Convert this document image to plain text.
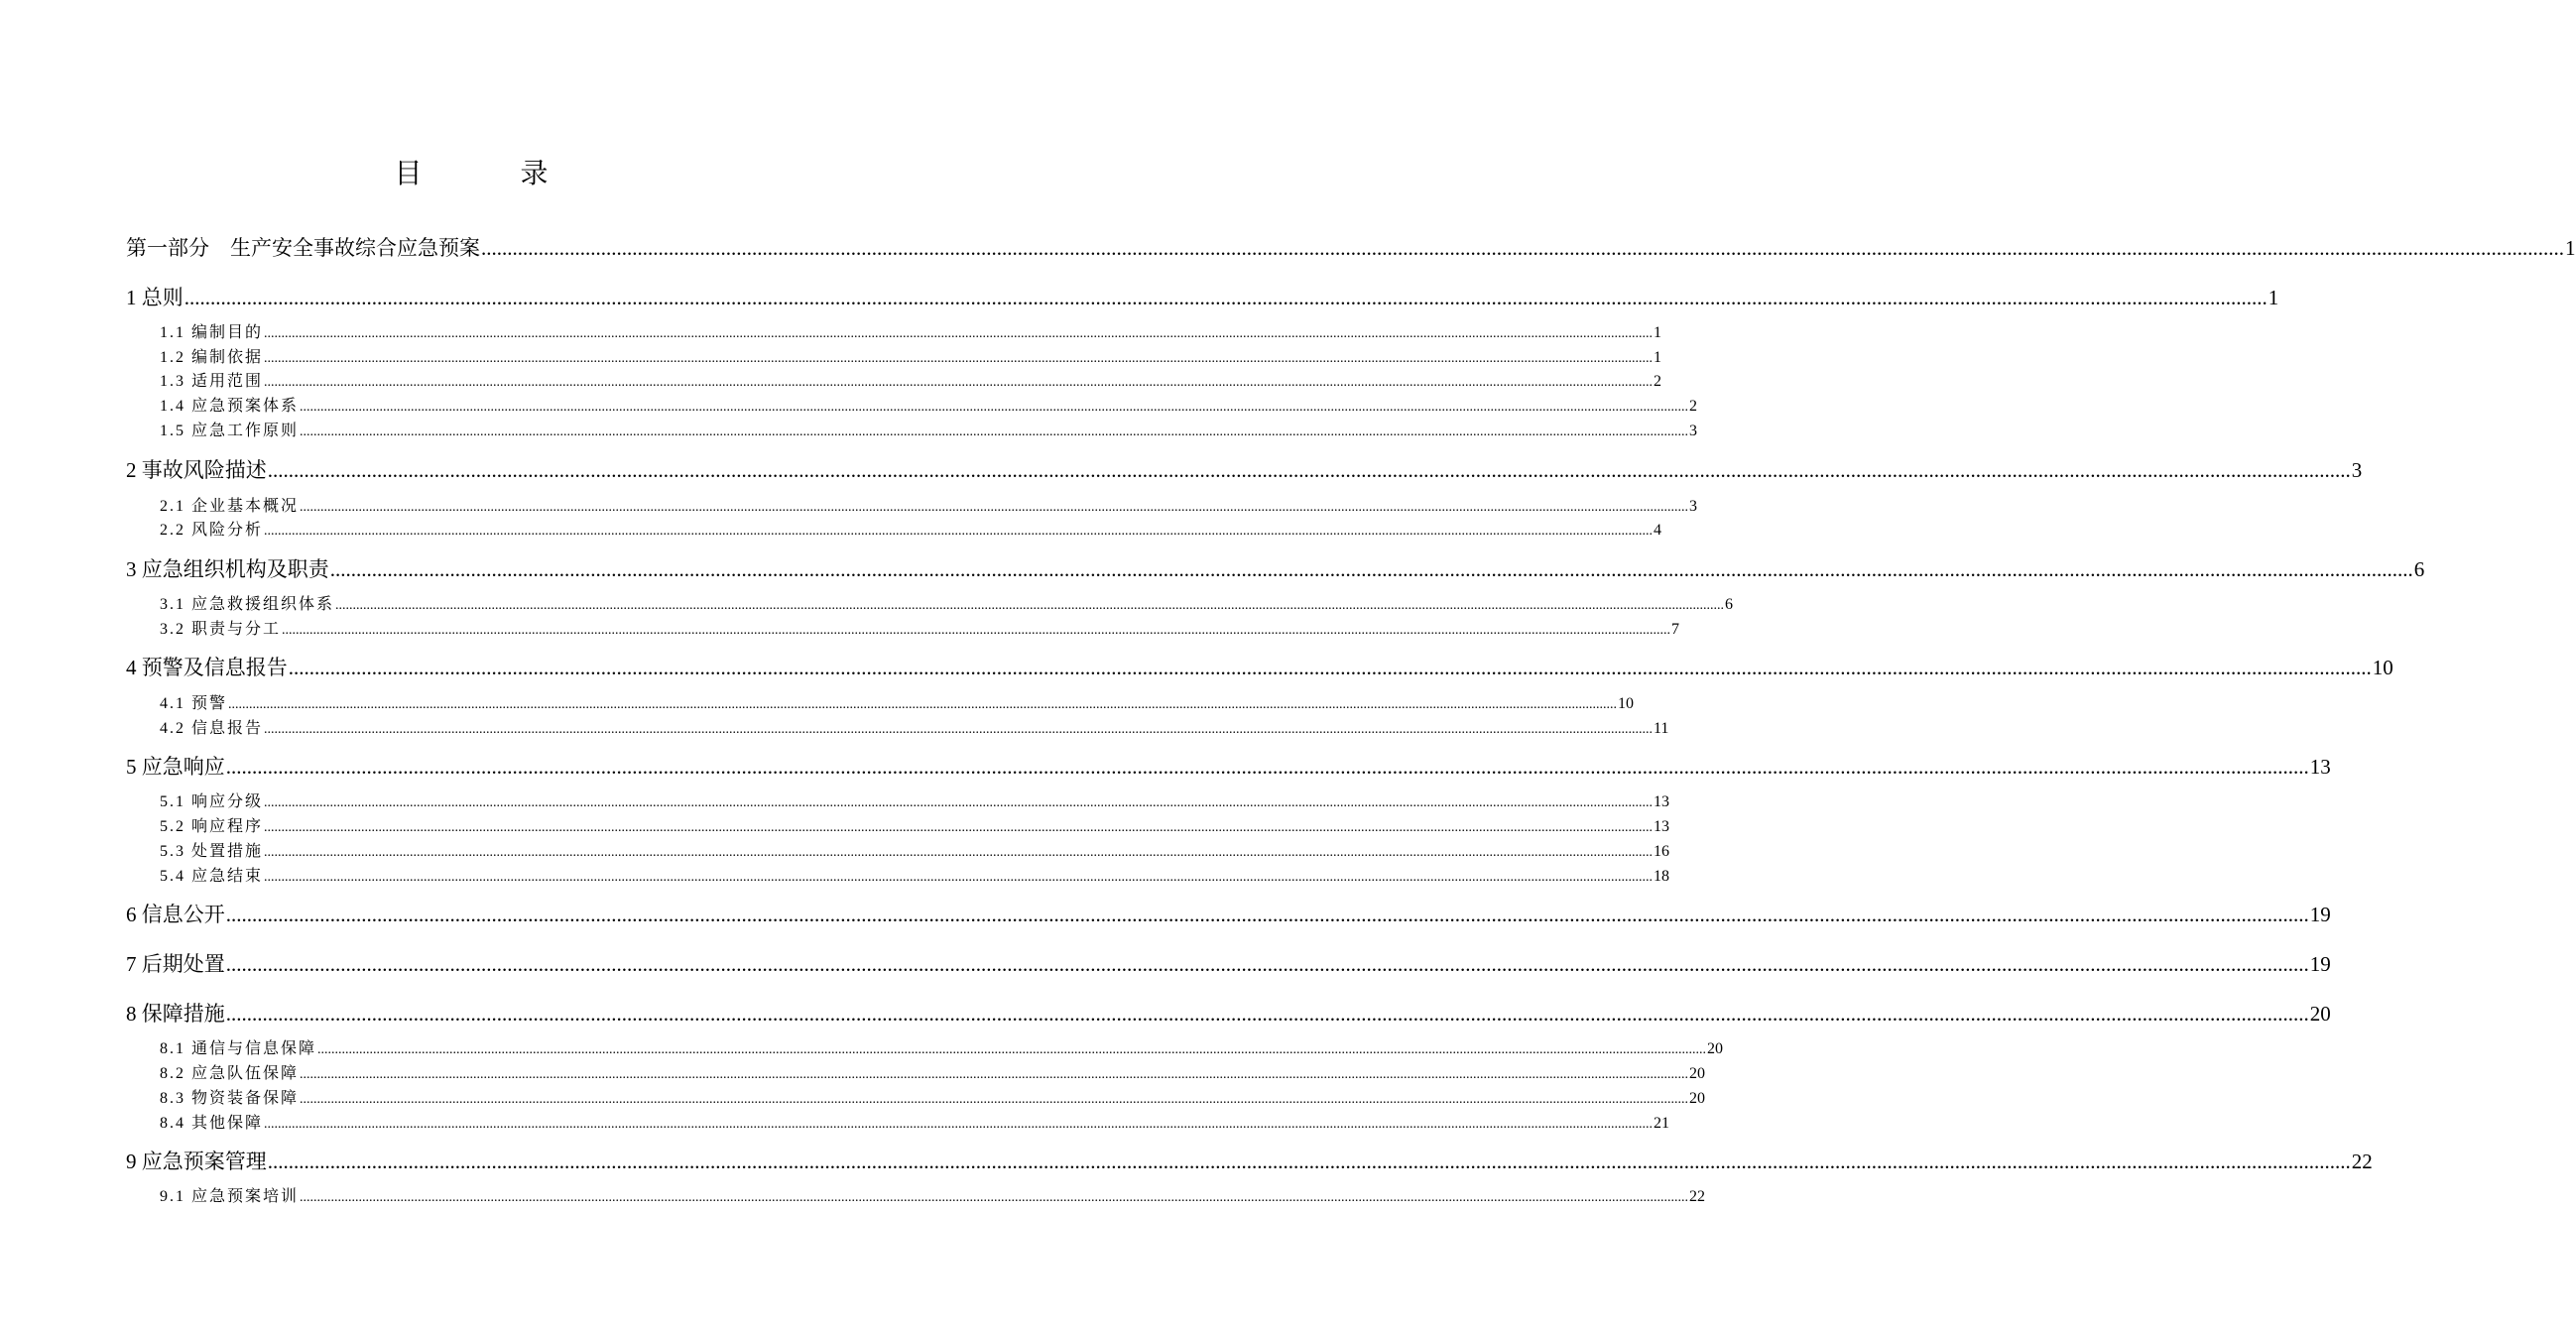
目 录
第一部分　生产安全事故综合应急预案 ................................................................................................................................................................................................................................................................................................................................................................................................................ 1
1 总则 ................................................................................................................................................................................................................................................................................................................................................................................................................ 1
1.1 编制目的 ................................................................................................................................................................................................................................................................................................................................................................................................................ 1
1.2 编制依据 ................................................................................................................................................................................................................................................................................................................................................................................................................ 1
1.3 适用范围 ................................................................................................................................................................................................................................................................................................................................................................................................................ 2
1.4 应急预案体系 ................................................................................................................................................................................................................................................................................................................................................................................................................ 2
1.5 应急工作原则 ................................................................................................................................................................................................................................................................................................................................................................................................................ 3
2 事故风险描述 ................................................................................................................................................................................................................................................................................................................................................................................................................ 3
2.1 企业基本概况 ................................................................................................................................................................................................................................................................................................................................................................................................................ 3
2.2 风险分析 ................................................................................................................................................................................................................................................................................................................................................................................................................ 4
3 应急组织机构及职责 ................................................................................................................................................................................................................................................................................................................................................................................................................ 6
3.1 应急救援组织体系 ................................................................................................................................................................................................................................................................................................................................................................................................................ 6
3.2 职责与分工 ................................................................................................................................................................................................................................................................................................................................................................................................................ 7
4 预警及信息报告 ................................................................................................................................................................................................................................................................................................................................................................................................................ 10
4.1 预警 ................................................................................................................................................................................................................................................................................................................................................................................................................ 10
4.2 信息报告 ................................................................................................................................................................................................................................................................................................................................................................................................................ 11
5 应急响应 ................................................................................................................................................................................................................................................................................................................................................................................................................ 13
5.1 响应分级 ................................................................................................................................................................................................................................................................................................................................................................................................................ 13
5.2 响应程序 ................................................................................................................................................................................................................................................................................................................................................................................................................ 13
5.3 处置措施 ................................................................................................................................................................................................................................................................................................................................................................................................................ 16
5.4 应急结束 ................................................................................................................................................................................................................................................................................................................................................................................................................ 18
6 信息公开 ................................................................................................................................................................................................................................................................................................................................................................................................................ 19
7 后期处置 ................................................................................................................................................................................................................................................................................................................................................................................................................ 19
8 保障措施 ................................................................................................................................................................................................................................................................................................................................................................................................................ 20
8.1 通信与信息保障 ................................................................................................................................................................................................................................................................................................................................................................................................................ 20
8.2 应急队伍保障 ................................................................................................................................................................................................................................................................................................................................................................................................................ 20
8.3 物资装备保障 ................................................................................................................................................................................................................................................................................................................................................................................................................ 20
8.4 其他保障 ................................................................................................................................................................................................................................................................................................................................................................................................................ 21
9 应急预案管理 ................................................................................................................................................................................................................................................................................................................................................................................................................ 22
9.1 应急预案培训 ................................................................................................................................................................................................................................................................................................................................................................................................................ 22
